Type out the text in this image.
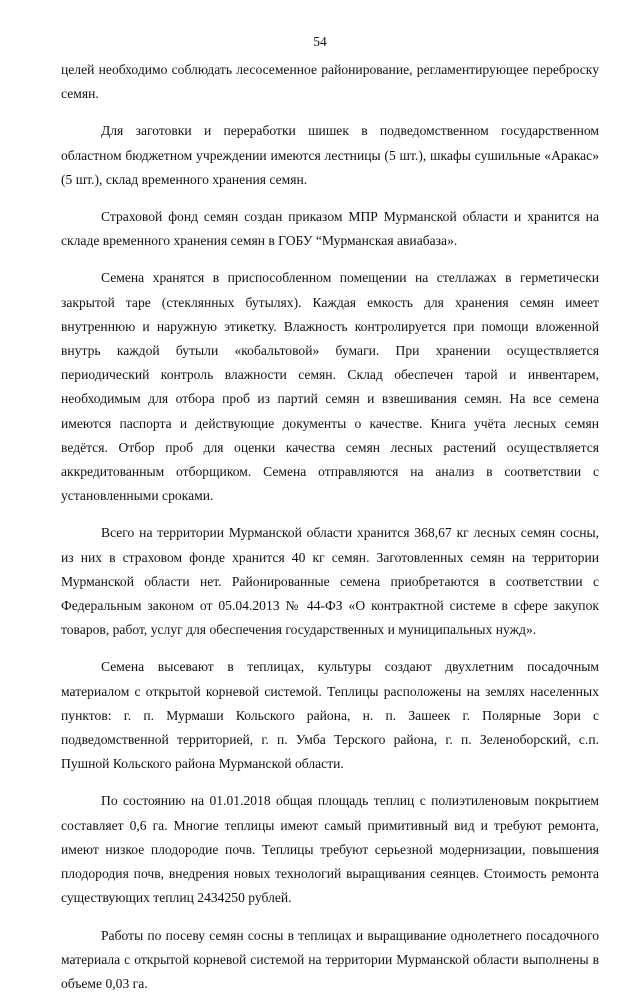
54

целей необходимо соблюдать лесосеменное районирование, регламентирующее переброску семян.

Для заготовки и переработки шишек в подведомственном государственном областном бюджетном учреждении имеются лестницы (5 шт.), шкафы сушильные «Аракас» (5 шт.), склад временного хранения семян.

Страховой фонд семян создан приказом МПР Мурманской области и хранится на складе временного хранения семян в ГОБУ “Мурманская авиабаза».

Семена хранятся в приспособленном помещении на стеллажах в герметически закрытой таре (стеклянных бутылях). Каждая емкость для хранения семян имеет внутреннюю и наружную этикетку. Влажность контролируется при помощи вложенной внутрь каждой бутыли «кобальтовой» бумаги. При хранении осуществляется периодический контроль влажности семян. Склад обеспечен тарой и инвентарем, необходимым для отбора проб из партий семян и взвешивания семян. На все семена имеются паспорта и действующие документы о качестве. Книга учёта лесных семян ведётся. Отбор проб для оценки качества семян лесных растений осуществляется аккредитованным отборщиком. Семена отправляются на анализ в соответствии с установленными сроками.

Всего на территории Мурманской области хранится 368,67 кг лесных семян сосны, из них в страховом фонде хранится 40 кг семян. Заготовленных семян на территории Мурманской области нет. Районированные семена приобретаются в соответствии с Федеральным законом от 05.04.2013 № 44-ФЗ «О контрактной системе в сфере закупок товаров, работ, услуг для обеспечения государственных и муниципальных нужд».

Семена высевают в теплицах, культуры создают двухлетним посадочным материалом с открытой корневой системой. Теплицы расположены на землях населенных пунктов: г. п. Мурмаши Кольского района, н. п. Зашеек г. Полярные Зори с подведомственной территорией, г. п. Умба Терского района, г. п. Зеленоборский, с.п. Пушной Кольского района Мурманской области.

По состоянию на 01.01.2018 общая площадь теплиц с полиэтиленовым покрытием составляет 0,6 га. Многие теплицы имеют самый примитивный вид и требуют ремонта, имеют низкое плодородие почв. Теплицы требуют серьезной модернизации, повышения плодородия почв, внедрения новых технологий выращивания сеянцев. Стоимость ремонта существующих теплиц 2434250 рублей.

Работы по посеву семян сосны в теплицах и выращивание однолетнего посадочного материала с открытой корневой системой на территории Мурманской области выполнены в объеме 0,03 га.
